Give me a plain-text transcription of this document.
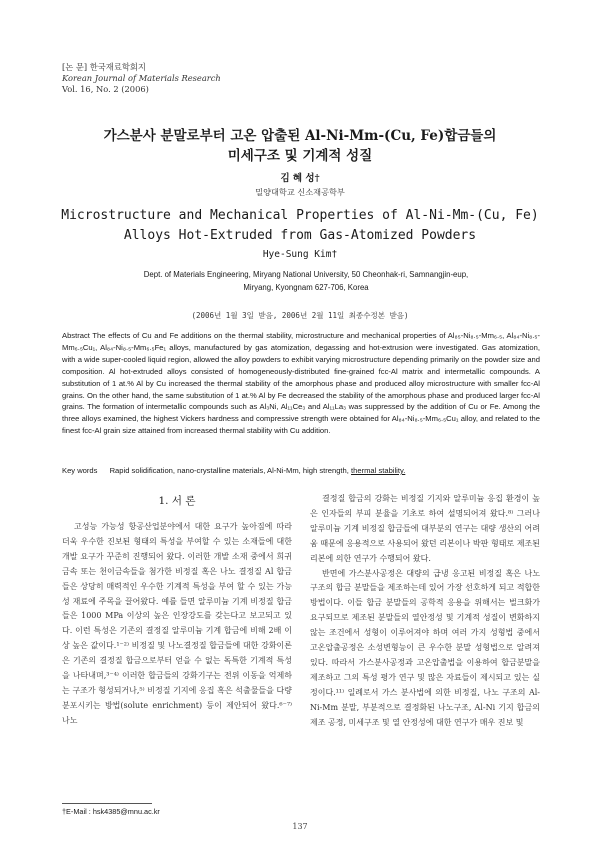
[논 문] 한국재료학회지
Korean Journal of Materials Research
Vol. 16, No. 2 (2006)
가스분사 분말로부터 고온 압출된 Al-Ni-Mm-(Cu, Fe)합금들의
미세구조 및 기계적 성질
김 혜 성†
밀양대학교 신소재공학부
Microstructure and Mechanical Properties of Al-Ni-Mm-(Cu, Fe)
Alloys Hot-Extruded from Gas-Atomized Powders
Hye-Sung Kim†
Dept. of Materials Engineering, Miryang National University, 50 Cheonhak-ri, Samnangjin-eup,
Miryang, Kyongnam 627-706, Korea
(2006년 1월 3일 받음, 2006년 2월 11일 최종수정본 받음)
Abstract The effects of Cu and Fe additions on the thermal stability, microstructure and mechanical properties of Al₈₅-Ni₈.₅-Mm₆.₅, Al₈₄-Ni₈.₅-Mm₆.₅Cu₁, Al₈₄-Ni₈.₅-Mm₆.₅Fe₁ alloys, manufactured by gas atomization, degassing and hot-extrusion were investigated. Gas atomization, with a wide super-cooled liquid region, allowed the alloy powders to exhibit varying microstructure depending primarily on the powder size and composition. Al hot-extruded alloys consisted of homogeneously-distributed fine-grained fcc-Al matrix and intermetallic compounds. A substitution of 1 at.% Al by Cu increased the thermal stability of the amorphous phase and produced alloy microstructure with smaller fcc-Al grains. On the other hand, the same substitution of 1 at.% Al by Fe decreased the stability of the amorphous phase and produced larger fcc-Al grains. The formation of intermetallic compounds such as Al₃Ni, Al₁₁Ce₃ and Al₁₁La₃ was suppressed by the addition of Cu or Fe. Among the three alloys examined, the highest Vickers hardness and compressive strength were obtained for Al₈₄-Ni₈.₅-Mm₆.₅Cu₁ alloy, and related to the finest fcc-Al grain size attained from increased thermal stability with Cu addition.
Key words Rapid solidification, nano-crystalline materials, Al-Ni-Mm, high strength, thermal stability.
1. 서 론

고성능 가능성 항공산업분야에서 대한 요구가 높아짐에 따라 더욱 우수한 진보된 형태의 특성을 부여할 수 있는 소재들에 대한 개발 요구가 꾸준히 진행되어 왔다. 이러한 개발 소재 중에서 희귀금속 또는 천이금속들을 첨가한 비정질 혹은 나노 결정질 Al 합금들은 상당히 매력적인 우수한 기계적 특성을 부여 할 수 있는 가능성 재료에 주목을 끌어왔다. 예를 들면 알루미늄 기계 비정질 합금들은 1000 MPa 이상의 높은 인장강도를 갖는다고 보고되고 있다. 이런 특성은 기존의 결정질 알루미늄 기계 합금에 비해 2배 이상 높은 값이다.¹⁻²⁾ 비정질 및 나노결정질 합금들에 대한 강화이론은 기존의 결정질 합금으로부터 얻을 수 없는 독특한 기계적 특성을 나타내며,³⁻⁴⁾ 이러한 합금들의 강화기구는 전위 이동을 억제하는 구조가 형성되거나,⁵⁾ 비정질 기지에 응집 혹은 석출물들을 다량 분포시키는 방법(solute enrichment) 등이 제안되어 왔다.⁶⁻⁷⁾ 나노

결정질 합금의 강화는 비정질 기지와 알루미늄 응집 환경이 높은 인자들의 부피 분율을 기초로 하여 설명되어져 왔다.⁸⁾ 그러나 알루미늄 기계 비정질 합금들에 대부분의 연구는 대량 생산의 어려움 때문에 응용적으로 사용되어 왔던 리본이나 박판 형태로 제조된 리본에 의한 연구가 수행되어 왔다.

반면에 가스분사공정은 대량의 급냉 응고된 비정질 혹은 나노 구조의 합금 분말들을 제조하는데 있어 가장 선호하게 되고 적합한 방법이다. 이들 합금 분말들의 공학적 응용을 위해서는 벌크화가 요구되므로 제조된 분말들의 열안정성 및 기계적 성질이 변화하지 않는 조건에서 성형이 이루어져야 하며 여러 가지 성형법 중에서 고온압출공정은 소성변형능이 큰 우수한 분말 성형법으로 알려져 있다. 따라서 가스분사공정과 고온압출법을 이용하여 합금분말을 제조하고 그의 특성 평가 연구 및 많은 자료들이 제시되고 있는 실정이다.¹¹⁾ 일례로서 가스 분사법에 의한 비정질, 나노 구조의 Al-Ni-Mm 분말, 부분적으로 결정화된 나노구조, Al-Ni 기지 합금의 제조 공정, 미세구조 및 열 안정성에 대한 연구가 매우 진보 및

†E-Mail : hsk4385@mnu.ac.kr
137
